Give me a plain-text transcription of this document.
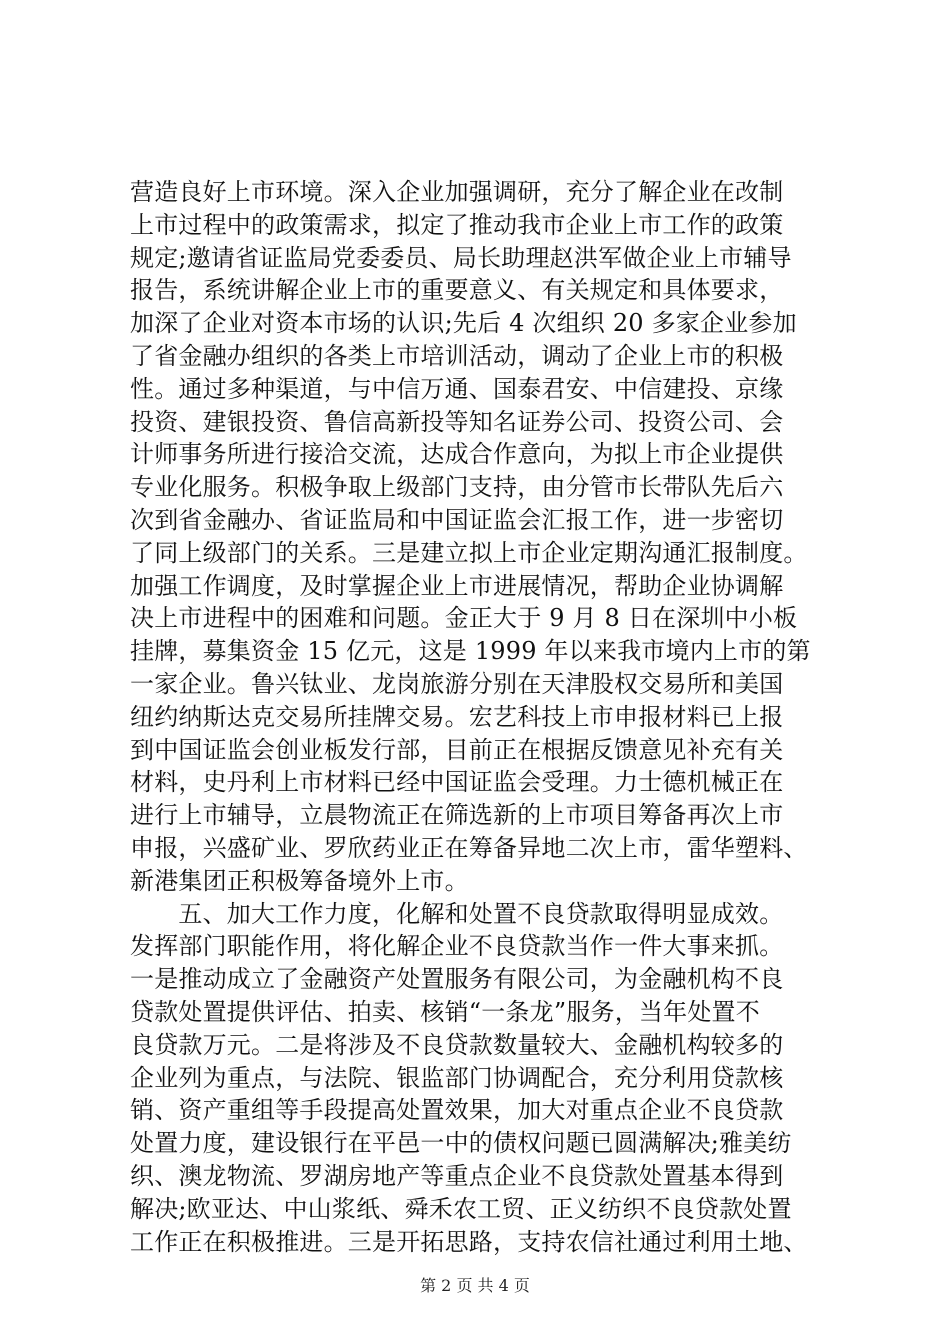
营造良好上市环境。深入企业加强调研，充分了解企业在改制
上市过程中的政策需求，拟定了推动我市企业上市工作的政策
规定;邀请省证监局党委委员、局长助理赵洪军做企业上市辅导
报告，系统讲解企业上市的重要意义、有关规定和具体要求，
加深了企业对资本市场的认识;先后 4 次组织 20 多家企业参加
了省金融办组织的各类上市培训活动，调动了企业上市的积极
性。通过多种渠道，与中信万通、国泰君安、中信建投、京缘
投资、建银投资、鲁信高新投等知名证券公司、投资公司、会
计师事务所进行接洽交流，达成合作意向，为拟上市企业提供
专业化服务。积极争取上级部门支持，由分管市长带队先后六
次到省金融办、省证监局和中国证监会汇报工作，进一步密切
了同上级部门的关系。三是建立拟上市企业定期沟通汇报制度。
加强工作调度，及时掌握企业上市进展情况，帮助企业协调解
决上市进程中的困难和问题。金正大于 9 月 8 日在深圳中小板
挂牌，募集资金 15 亿元，这是 1999 年以来我市境内上市的第
一家企业。鲁兴钛业、龙岗旅游分别在天津股权交易所和美国
纽约纳斯达克交易所挂牌交易。宏艺科技上市申报材料已上报
到中国证监会创业板发行部，目前正在根据反馈意见补充有关
材料，史丹利上市材料已经中国证监会受理。力士德机械正在
进行上市辅导，立晨物流正在筛选新的上市项目筹备再次上市
申报，兴盛矿业、罗欣药业正在筹备异地二次上市，雷华塑料、
新港集团正积极筹备境外上市。
　　五、加大工作力度，化解和处置不良贷款取得明显成效。
发挥部门职能作用，将化解企业不良贷款当作一件大事来抓。
一是推动成立了金融资产处置服务有限公司，为金融机构不良
贷款处置提供评估、拍卖、核销“一条龙”服务，当年处置不
良贷款万元。二是将涉及不良贷款数量较大、金融机构较多的
企业列为重点，与法院、银监部门协调配合，充分利用贷款核
销、资产重组等手段提高处置效果，加大对重点企业不良贷款
处置力度，建设银行在平邑一中的债权问题已圆满解决;雅美纺
织、澳龙物流、罗湖房地产等重点企业不良贷款处置基本得到
解决;欧亚达、中山浆纸、舜禾农工贸、正义纺织不良贷款处置
工作正在积极推进。三是开拓思路，支持农信社通过利用土地、
第 2 页 共 4 页
